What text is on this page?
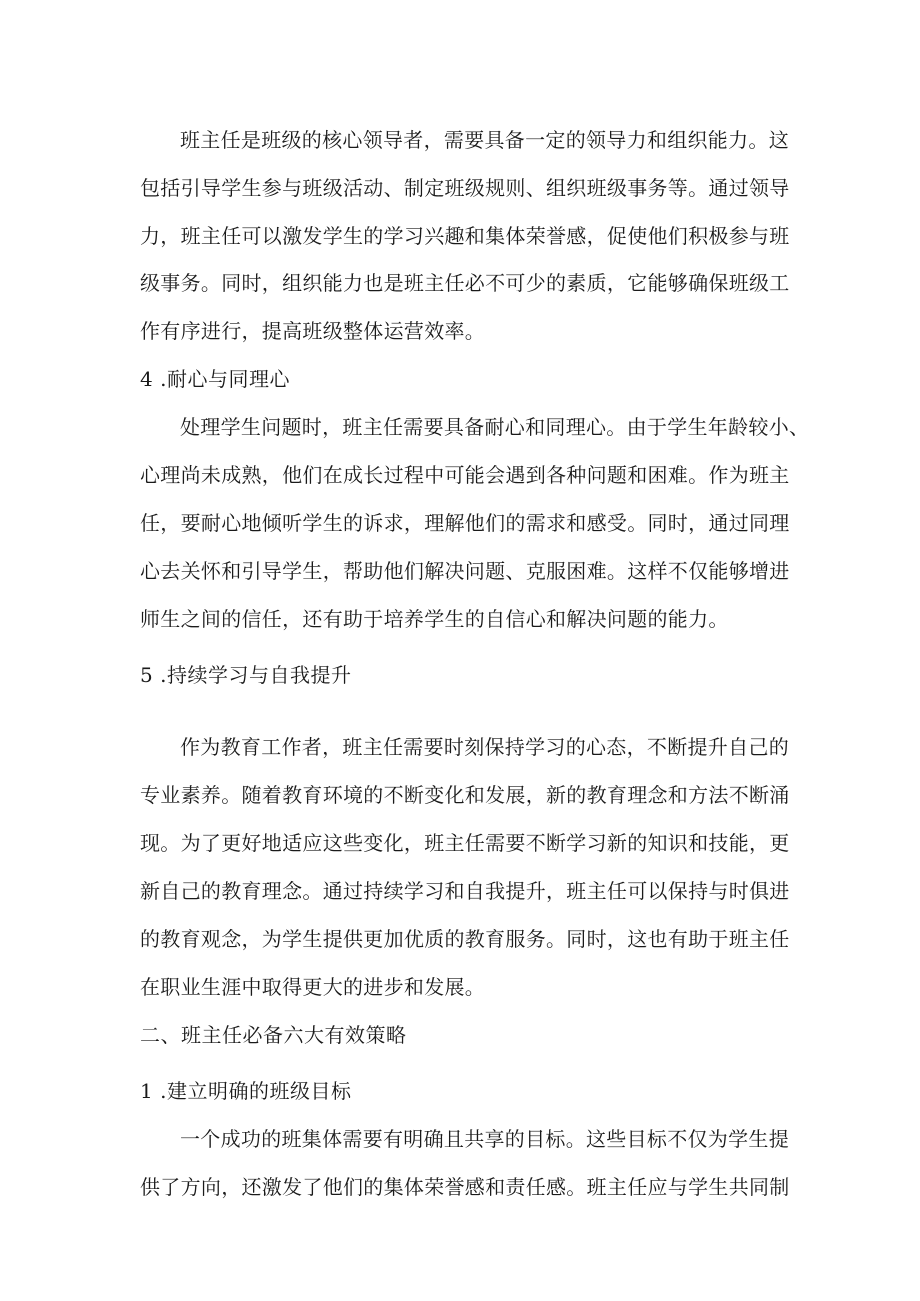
班主任是班级的核心领导者，需要具备一定的领导力和组织能力。这
包括引导学生参与班级活动、制定班级规则、组织班级事务等。通过领导
力，班主任可以激发学生的学习兴趣和集体荣誉感，促使他们积极参与班
级事务。同时，组织能力也是班主任必不可少的素质，它能够确保班级工
作有序进行，提高班级整体运营效率。
4 .耐心与同理心
处理学生问题时，班主任需要具备耐心和同理心。由于学生年龄较小、
心理尚未成熟，他们在成长过程中可能会遇到各种问题和困难。作为班主
任，要耐心地倾听学生的诉求，理解他们的需求和感受。同时，通过同理
心去关怀和引导学生，帮助他们解决问题、克服困难。这样不仅能够增进
师生之间的信任，还有助于培养学生的自信心和解决问题的能力。
5 .持续学习与自我提升
作为教育工作者，班主任需要时刻保持学习的心态，不断提升自己的
专业素养。随着教育环境的不断变化和发展，新的教育理念和方法不断涌
现。为了更好地适应这些变化，班主任需要不断学习新的知识和技能，更
新自己的教育理念。通过持续学习和自我提升，班主任可以保持与时俱进
的教育观念，为学生提供更加优质的教育服务。同时，这也有助于班主任
在职业生涯中取得更大的进步和发展。
二、班主任必备六大有效策略
1 .建立明确的班级目标
一个成功的班集体需要有明确且共享的目标。这些目标不仅为学生提
供了方向，还激发了他们的集体荣誉感和责任感。班主任应与学生共同制
